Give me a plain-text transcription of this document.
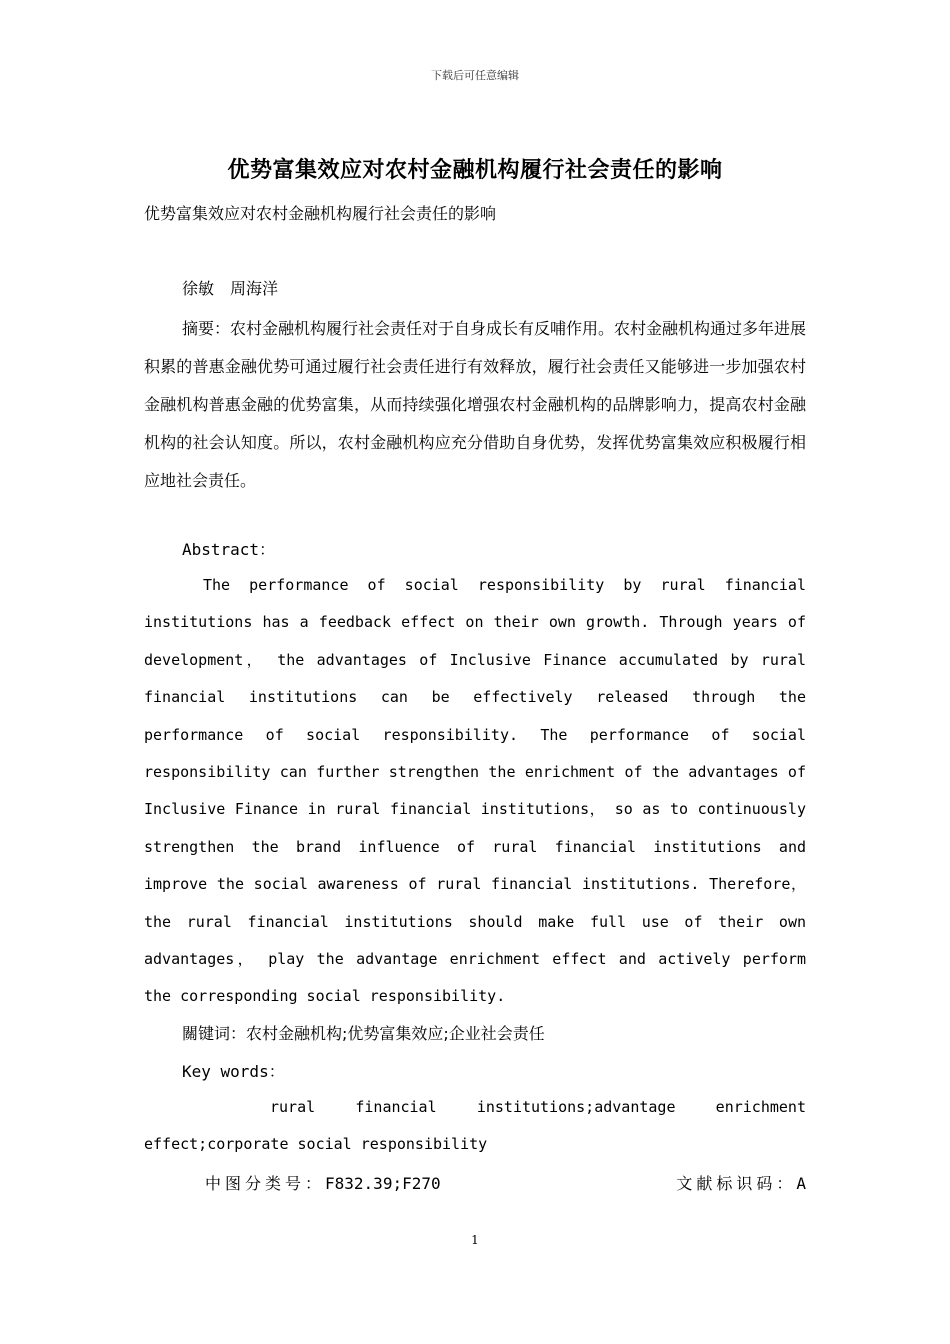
下载后可任意编辑
优势富集效应对农村金融机构履行社会责任的影响
优势富集效应对农村金融机构履行社会责任的影响
徐敏　周海洋
摘要：农村金融机构履行社会责任对于自身成长有反哺作用。农村金融机构通过多年进展积累的普惠金融优势可通过履行社会责任进行有效释放，履行社会责任又能够进一步加强农村金融机构普惠金融的优势富集，从而持续强化增强农村金融机构的品牌影响力，提高农村金融机构的社会认知度。所以，农村金融机构应充分借助自身优势，发挥优势富集效应积极履行相应地社会责任。
Abstract：
The performance of social responsibility by rural financial institutions has a feedback effect on their own growth. Through years of development， the advantages of Inclusive Finance accumulated by rural financial institutions can be effectively released through the performance of social responsibility. The performance of social responsibility can further strengthen the enrichment of the advantages of Inclusive Finance in rural financial institutions， so as to continuously strengthen the brand influence of rural financial institutions and improve the social awareness of rural financial institutions. Therefore， the rural financial institutions should make full use of their own advantages， play the advantage enrichment effect and actively perform the corresponding social responsibility.
關键词：农村金融机构;优势富集效应;企业社会责任
Key words：
rural financial institutions;advantage enrichment effect;corporate social responsibility
中图分类号：F832.39;F270	文献标识码：A
1
